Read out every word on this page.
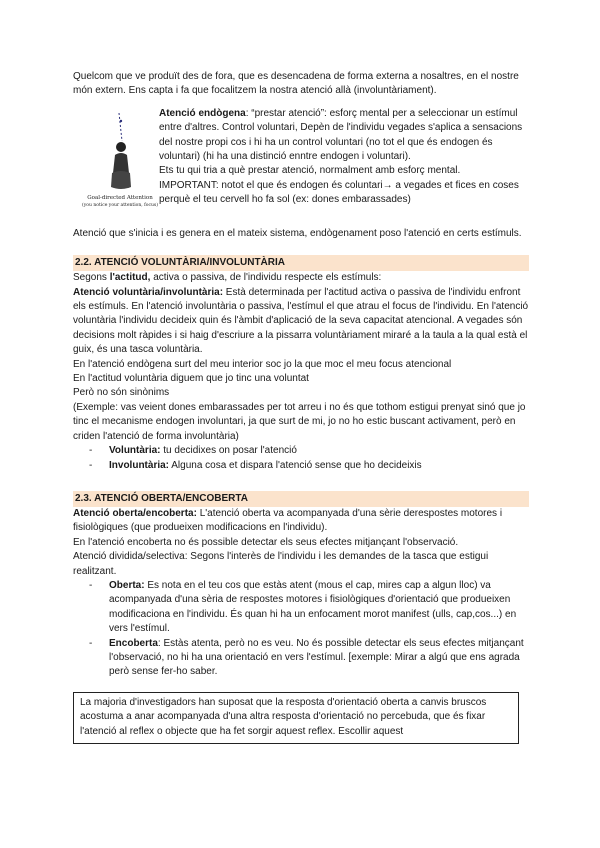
Quelcom que ve produït des de fora, que es desencadena de forma externa a nosaltres, en el nostre món extern. Ens capta i fa que focalitzem la nostra atenció allà (involuntàriament).

Goal-directed Attention
(you notice your attention, focus)

Atenció endògena: “prestar atenció”: esforç mental per a seleccionar un estímul entre d'altres. Control voluntari, Depèn de l'individu vegades s'aplica a sensacions del nostre propi cos i hi ha un control voluntari (no tot el que és endogen és voluntari) (hi ha una distinció enntre endogen i voluntari).

Ets tu qui tria a què prestar atenció, normalment amb esforç mental.

IMPORTANT: notot el que és endogen és coluntari→ a vegades et fices en coses perquè el teu cervell ho fa sol (ex: dones embarassades)

Atenció que s'inicia i es genera en el mateix sistema, endògenament poso l'atenció en certs estímuls.

2.2. ATENCIÓ VOLUNTÀRIA/INVOLUNTÀRIA

Segons l'actitud, activa o passiva, de l'individu respecte els estímuls:

Atenció voluntària/involuntària: Està determinada per l'actitud activa o passiva de l'individu enfront els estímuls. En l'atenció involuntària o passiva, l'estímul el que atrau el focus de l'individu. En l'atenció voluntària l'individu decideix quin és l'àmbit d'aplicació de la seva capacitat atencional. A vegades són decisions molt ràpides i si haig d'escriure a la pissarra voluntàriament miraré a la taula a la qual està el guix, és una tasca voluntària.

En l'atenció endògena surt del meu interior soc jo la que moc el meu focus atencional

En l'actitud voluntària diguem que jo tinc una voluntat

Però no són sinònims

(Exemple: vas veient dones embarassades per tot arreu i no és que tothom estigui prenyat sinó que jo tinc el mecanisme endogen involuntari, ja que surt de mi, jo no ho estic buscant activament, però en criden l'atenció de forma involuntària)

- Voluntària: tu decidixes on posar l'atenció
- Involuntària: Alguna cosa et dispara l'atenció sense que ho decideixis

2.3. ATENCIÓ OBERTA/ENCOBERTA

Atenció oberta/encoberta: L'atenció oberta va acompanyada d'una sèrie derespostes motores i fisiològiques (que produeixen modificacions en l'individu).

En l'atenció encoberta no és possible detectar els seus efectes mitjançant l'observació.

Atenció dividida/selectiva: Segons l'interès de l'individu i les demandes de la tasca que estigui realitzant.

- Oberta: Es nota en el teu cos que estàs atent (mous el cap, mires cap a algun lloc) va acompanyada d'una sèria de respostes motores i fisiològiques d'orientació que produeixen modificaciona en l'individu. És quan hi ha un enfocament morot manifest (ulls, cap,cos...) en vers l'estímul.
- Encoberta: Estàs atenta, però no es veu. No és possible detectar els seus efectes mitjançant l'observació, no hi ha una orientació en vers l'estímul. [exemple: Mirar a algú que ens agrada però sense fer-ho saber.

La majoria d'investigadors han suposat que la resposta d'orientació oberta a canvis bruscos acostuma a anar acompanyada d'una altra resposta d'orientació no percebuda, que és fixar l'atenció al reflex o objecte que ha fet sorgir aquest reflex. Escollir aquest
